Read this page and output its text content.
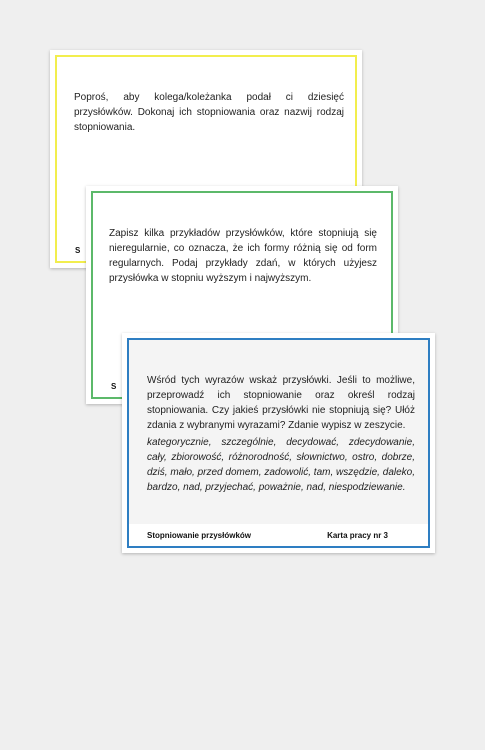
Poproś, aby kolega/koleżanka podał ci dziesięć przysłówków. Dokonaj ich stopniowania oraz nazwij rodzaj stopniowania.
S
Zapisz kilka przykładów przysłówków, które stopniują się nieregularnie, co oznacza, że ich formy różnią się od form regularnych. Podaj przykłady zdań, w których użyjesz przysłówka w stopniu wyższym i najwyższym.
S
Wśród tych wyrazów wskaż przysłówki. Jeśli to możliwe, przeprowadź ich stopniowanie oraz określ rodzaj stopniowania. Czy jakieś przysłówki nie stopniują się? Ułóż zdania z wybranymi wyrazami? Zdanie wypisz w zeszycie.
kategorycznie, szczególnie, decydować, zdecydowanie, cały, zbiorowość, różnorodność, słownictwo, ostro, dobrze, dziś, mało, przed domem, zadowolić, tam, wszędzie, daleko, bardzo, nad, przyjechać, poważnie, nad, niespodziewanie.
Stopniowanie przysłówków	Karta pracy nr 3
